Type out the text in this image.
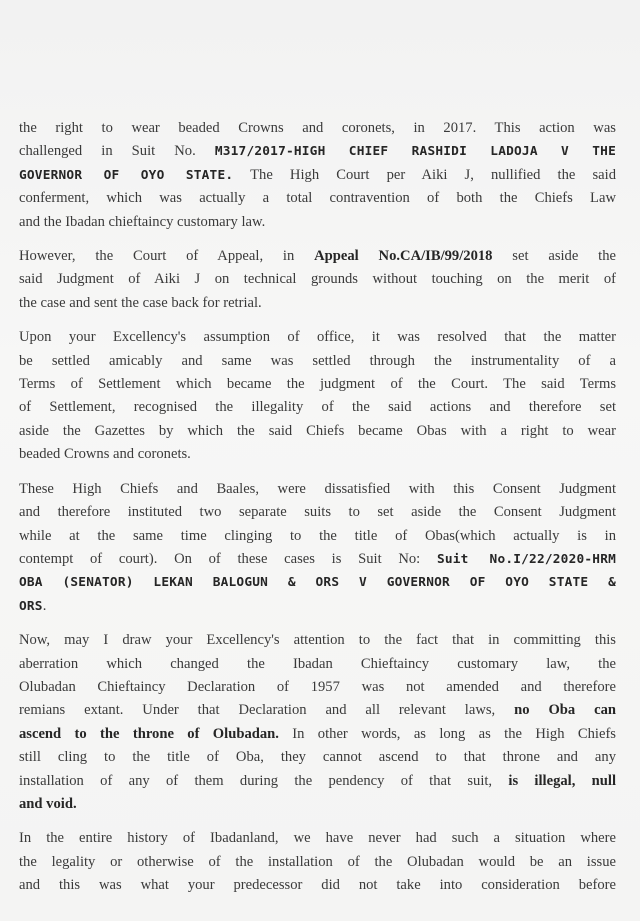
the right to wear beaded Crowns and coronets, in 2017. This action was
challenged in Suit No. M317/2017-HIGH CHIEF RASHIDI LADOJA V THE
GOVERNOR OF OYO STATE. The High Court per Aiki J, nullified the said
conferment, which was actually a total contravention of both the Chiefs Law
and the Ibadan chieftaincy customary law.

However, the Court of Appeal, in Appeal No.CA/IB/99/2018 set aside the
said Judgment of Aiki J on technical grounds without touching on the merit of
the case and sent the case back for retrial.

Upon your Excellency's assumption of office, it was resolved that the matter
be settled amicably and same was settled through the instrumentality of a
Terms of Settlement which became the judgment of the Court. The said Terms
of Settlement, recognised the illegality of the said actions and therefore set
aside the Gazettes by which the said Chiefs became Obas with a right to wear
beaded Crowns and coronets.

These High Chiefs and Baales, were dissatisfied with this Consent Judgment
and therefore instituted two separate suits to set aside the Consent Judgment
while at the same time clinging to the title of Obas(which actually is in
contempt of court). On of these cases is Suit No: Suit No.I/22/2020-HRM
OBA (SENATOR) LEKAN BALOGUN & ORS V GOVERNOR OF OYO STATE &
ORS.

Now, may I draw your Excellency's attention to the fact that in committing this
aberration which changed the Ibadan Chieftaincy customary law, the
Olubadan Chieftaincy Declaration of 1957 was not amended and therefore
remians extant. Under that Declaration and all relevant laws, no Oba can
ascend to the throne of Olubadan. In other words, as long as the High Chiefs
still cling to the title of Oba, they cannot ascend to that throne and any
installation of any of them during the pendency of that suit, is illegal, null
and void.

In the entire history of Ibadanland, we have never had such a situation where
the legality or otherwise of the installation of the Olubadan would be an issue
and this was what your predecessor did not take into consideration before
